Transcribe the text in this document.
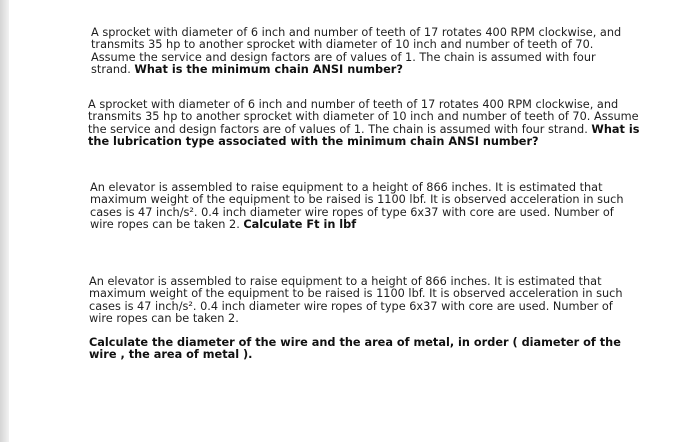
A sprocket with diameter of 6 inch and number of teeth of 17 rotates 400 RPM clockwise, and transmits 35 hp to another sprocket with diameter of 10 inch and number of teeth of 70. Assume the service and design factors are of values of 1. The chain is assumed with four strand. What is the minimum chain ANSI number?

A sprocket with diameter of 6 inch and number of teeth of 17 rotates 400 RPM clockwise, and transmits 35 hp to another sprocket with diameter of 10 inch and number of teeth of 70. Assume the service and design factors are of values of 1. The chain is assumed with four strand. What is the lubrication type associated with the minimum chain ANSI number?

An elevator is assembled to raise equipment to a height of 866 inches. It is estimated that maximum weight of the equipment to be raised is 1100 lbf. It is observed acceleration in such cases is 47 inch/s². 0.4 inch diameter wire ropes of type 6x37 with core are used. Number of wire ropes can be taken 2. Calculate Ft in lbf

An elevator is assembled to raise equipment to a height of 866 inches. It is estimated that maximum weight of the equipment to be raised is 1100 lbf. It is observed acceleration in such cases is 47 inch/s². 0.4 inch diameter wire ropes of type 6x37 with core are used. Number of wire ropes can be taken 2.

Calculate the diameter of the wire and the area of metal, in order ( diameter of the wire , the area of metal ).
